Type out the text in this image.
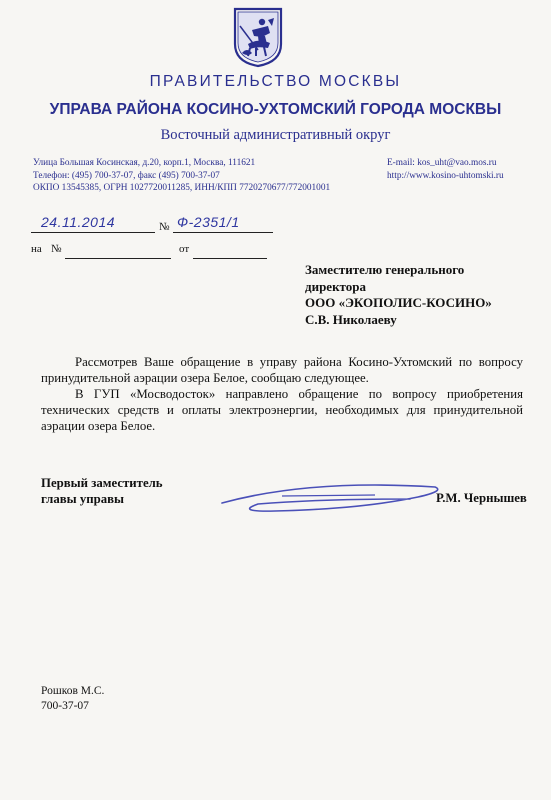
ПРАВИТЕЛЬСТВО МОСКВЫ
УПРАВА РАЙОНА КОСИНО-УХТОМСКИЙ ГОРОДА МОСКВЫ
Восточный административный округ
Улица Большая Косинская, д.20, корп.1, Москва, 111621
Телефон: (495) 700-37-07, факс (495) 700-37-07
ОКПО 13545385, ОГРН 1027720011285, ИНН/КПП 7720270677/772001001
E-mail: kos_uht@vao.mos.ru
http://www.kosino-uhtomski.ru
24.11.2014	№ Ф-2351/1
на №	от
Заместителю генерального
директора
ООО «ЭКОПОЛИС-КОСИНО»
С.В. Николаеву

Рассмотрев Ваше обращение в управу района Косино-Ухтомский по вопросу принудительной аэрации озера Белое, сообщаю следующее.

В ГУП «Мосводосток» направлено обращение по вопросу приобретения технических средств и оплаты электроэнергии, необходимых для принудительной аэрации озера Белое.

Первый заместитель
главы управы	Р.М. Чернышев
Рошков М.С.
700-37-07
